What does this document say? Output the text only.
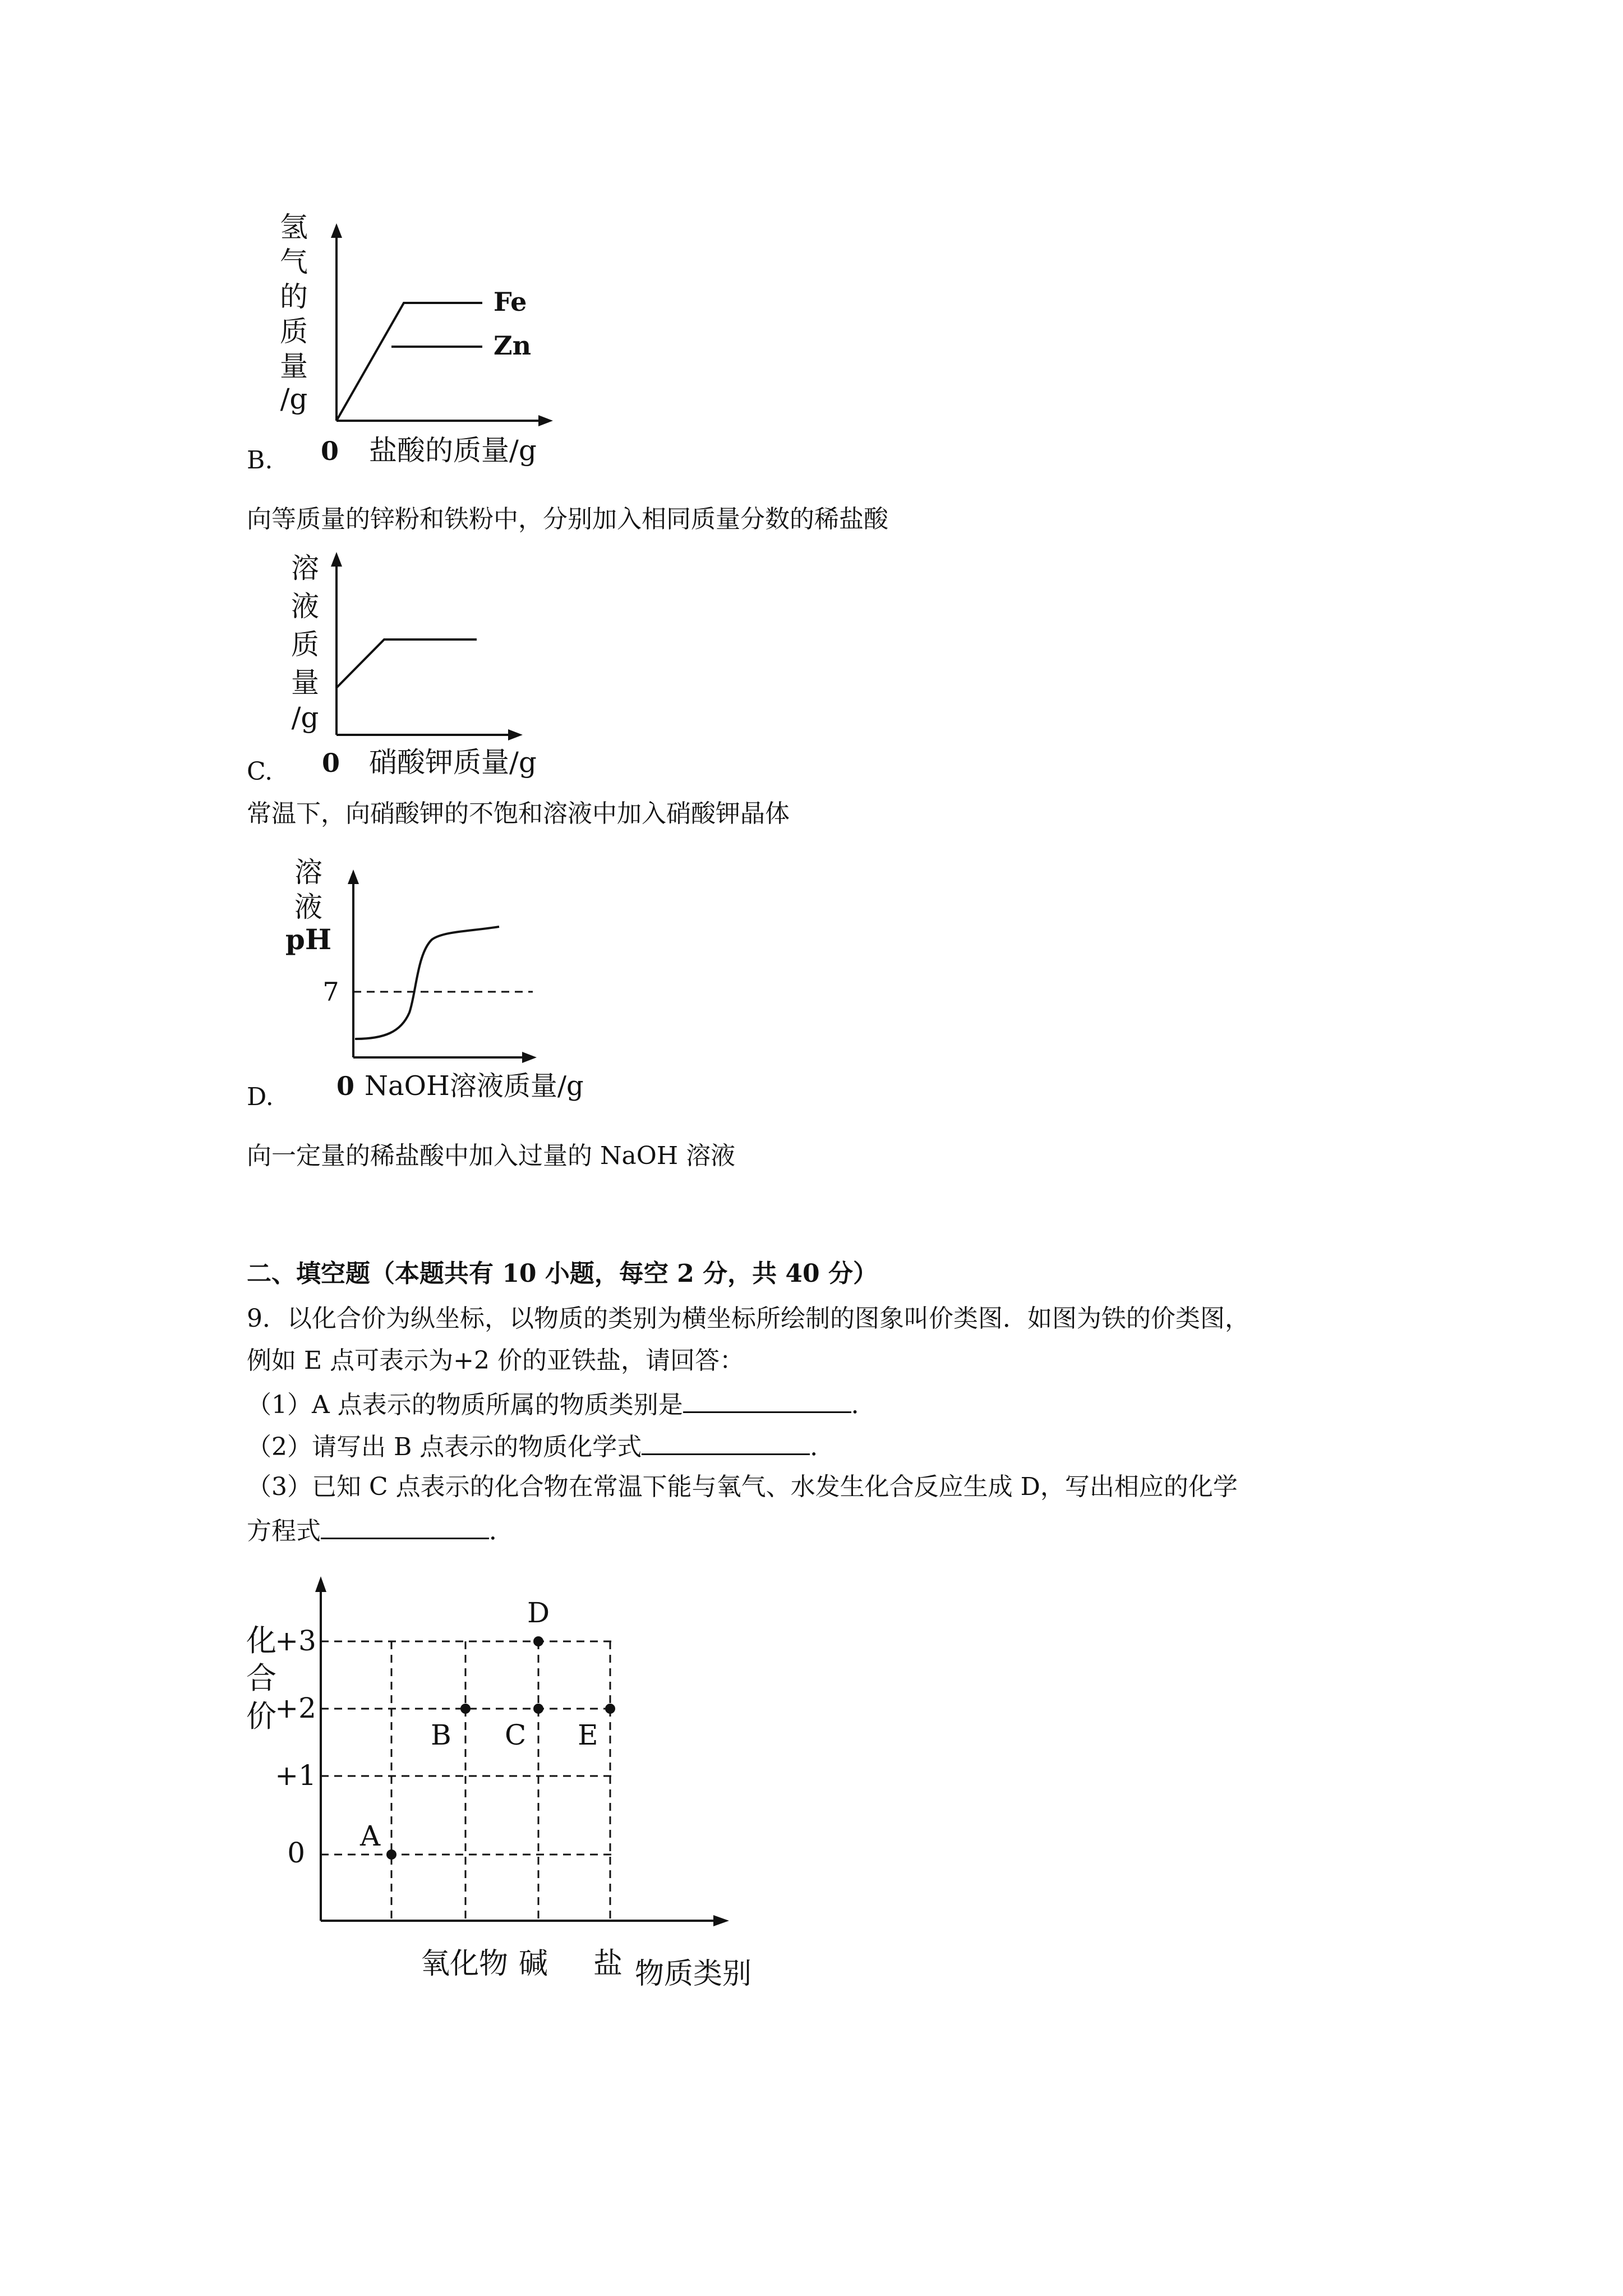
氢
气
的
质
量
/g
Fe
Zn
0 盐酸的质量/g
B.
向等质量的锌粉和铁粉中，分别加入相同质量分数的稀盐酸
溶
液
质
量
/g
0 硝酸钾质量/g
C.
常温下，向硝酸钾的不饱和溶液中加入硝酸钾晶体
溶
液
pH
7
0 NaOH溶液质量/g
D.
向一定量的稀盐酸中加入过量的 NaOH 溶液
二、填空题（本题共有 10 小题，每空 2 分，共 40 分）
9．以化合价为纵坐标，以物质的类别为横坐标所绘制的图象叫价类图．如图为铁的价类图，
例如 E 点可表示为+2 价的亚铁盐，请回答：
（1）A 点表示的物质所属的物质类别是	．
（2）请写出 B 点表示的物质化学式	．
（3）已知 C 点表示的化合物在常温下能与氧气、水发生化合反应生成 D，写出相应的化学
方程式	．
化
合
价
+3
+2
+1
0
A
B C
D
E
氧化物 碱 盐 物质类别
